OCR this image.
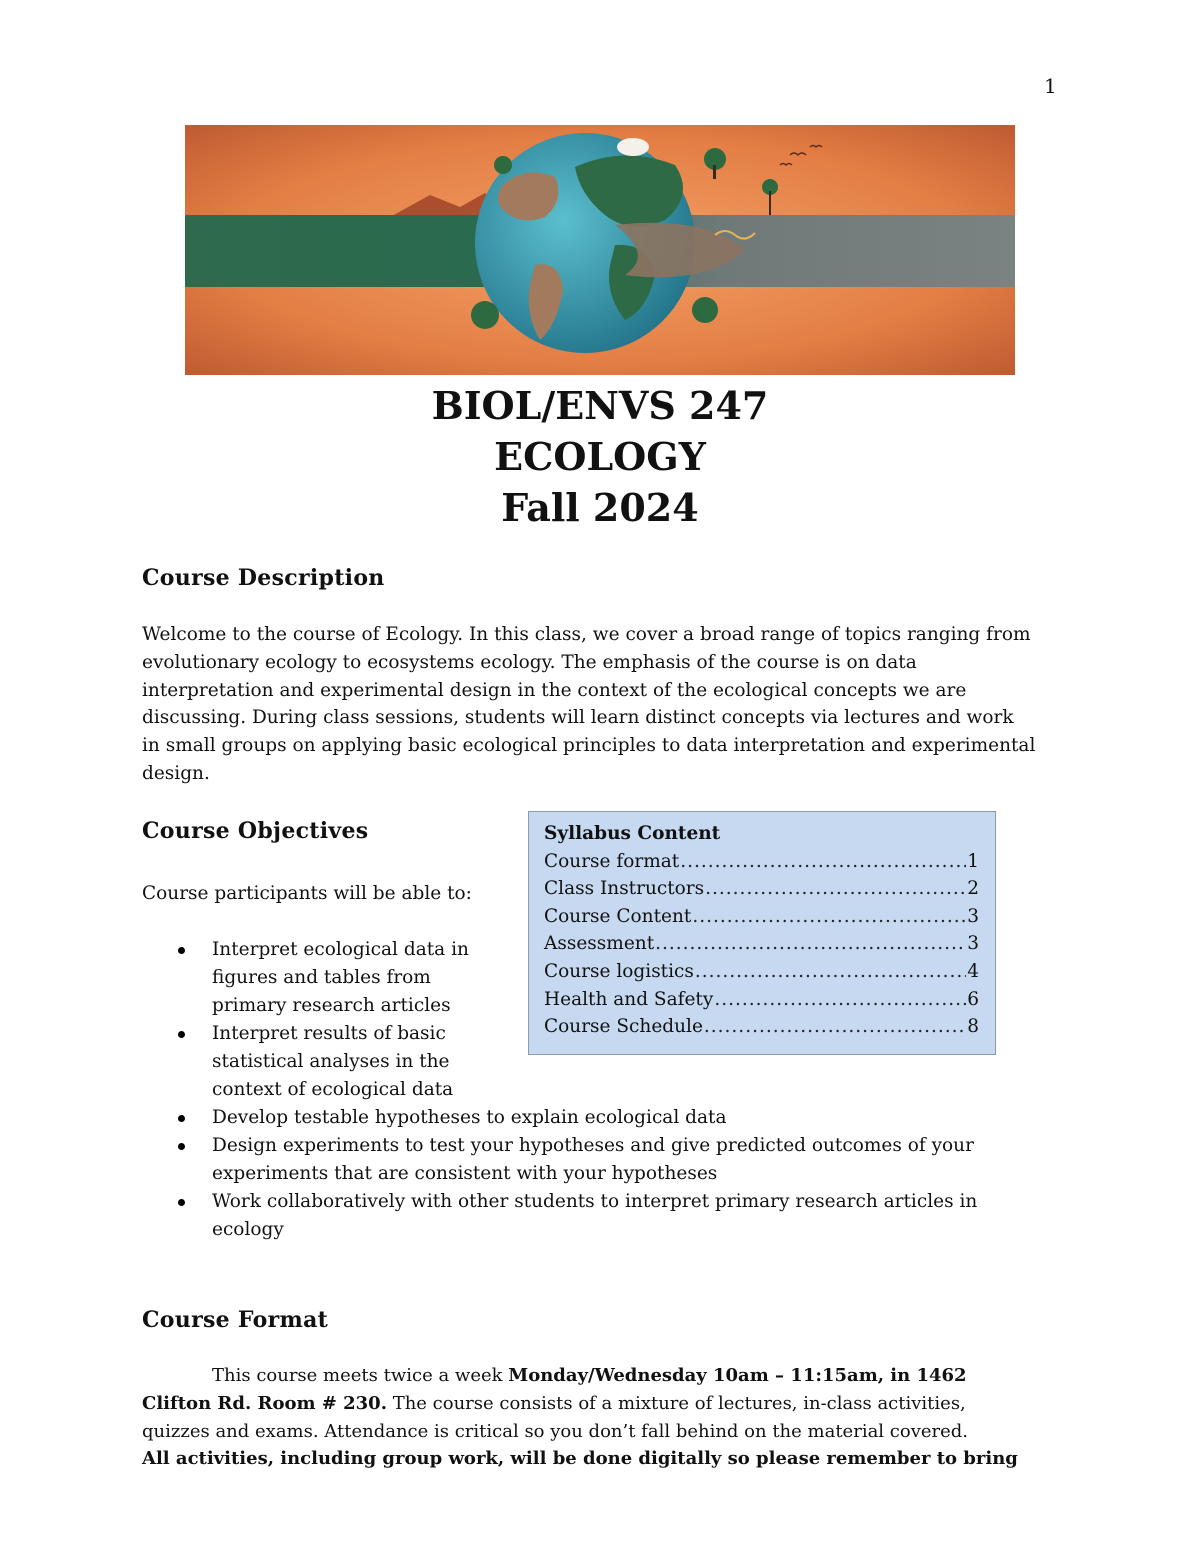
1
BIOL/ENVS 247
ECOLOGY
Fall 2024
Course Description
Welcome to the course of Ecology. In this class, we cover a broad range of topics ranging from evolutionary ecology to ecosystems ecology. The emphasis of the course is on data interpretation and experimental design in the context of the ecological concepts we are discussing. During class sessions, students will learn distinct concepts via lectures and work in small groups on applying basic ecological principles to data interpretation and experimental design.
Course Objectives
Course participants will be able to:
Interpret ecological data in
figures and tables from
primary research articles
Interpret results of basic
statistical analyses in the
context of ecological data
Develop testable hypotheses to explain ecological data
Design experiments to test your hypotheses and give predicted outcomes of your
experiments that are consistent with your hypotheses
Work collaboratively with other students to interpret primary research articles in
ecology
Syllabus Content
Course format .....	1
Class Instructors .....	2
Course Content .....	3
Assessment .....	3
Course logistics .....	4
Health and Safety .....	6
Course Schedule .....	8
Course Format
This course meets twice a week Monday/Wednesday 10am – 11:15am, in 1462
Clifton Rd. Room # 230. The course consists of a mixture of lectures, in-class activities,
quizzes and exams. Attendance is critical so you don’t fall behind on the material covered.
All activities, including group work, will be done digitally so please remember to bring
